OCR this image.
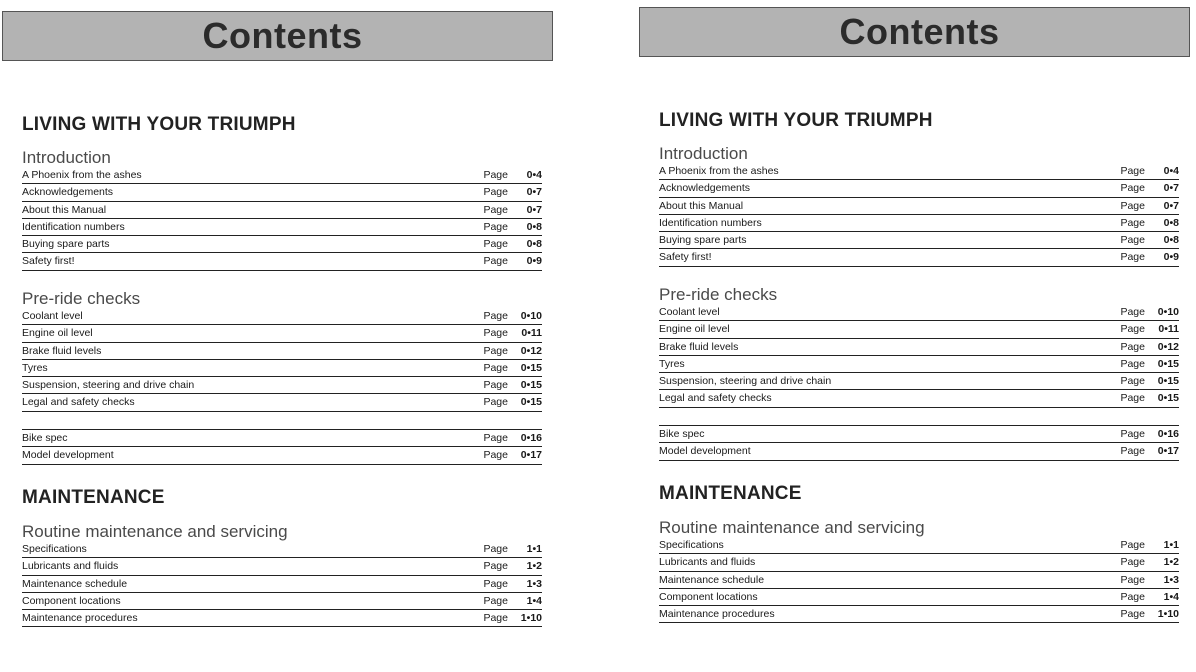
Contents
LIVING WITH YOUR TRIUMPH
Introduction
A Phoenix from the ashes	Page 0•4
Acknowledgements	Page 0•7
About this Manual	Page 0•7
Identification numbers	Page 0•8
Buying spare parts	Page 0•8
Safety first!	Page 0•9
Pre-ride checks
Coolant level	Page 0•10
Engine oil level	Page 0•11
Brake fluid levels	Page 0•12
Tyres	Page 0•15
Suspension, steering and drive chain	Page 0•15
Legal and safety checks	Page 0•15
Bike spec	Page 0•16
Model development	Page 0•17
MAINTENANCE
Routine maintenance and servicing
Specifications	Page 1•1
Lubricants and fluids	Page 1•2
Maintenance schedule	Page 1•3
Component locations	Page 1•4
Maintenance procedures	Page 1•10
Contents
LIVING WITH YOUR TRIUMPH
Introduction
A Phoenix from the ashes	Page 0•4
Acknowledgements	Page 0•7
About this Manual	Page 0•7
Identification numbers	Page 0•8
Buying spare parts	Page 0•8
Safety first!	Page 0•9
Pre-ride checks
Coolant level	Page 0•10
Engine oil level	Page 0•11
Brake fluid levels	Page 0•12
Tyres	Page 0•15
Suspension, steering and drive chain	Page 0•15
Legal and safety checks	Page 0•15
Bike spec	Page 0•16
Model development	Page 0•17
MAINTENANCE
Routine maintenance and servicing
Specifications	Page 1•1
Lubricants and fluids	Page 1•2
Maintenance schedule	Page 1•3
Component locations	Page 1•4
Maintenance procedures	Page 1•10
